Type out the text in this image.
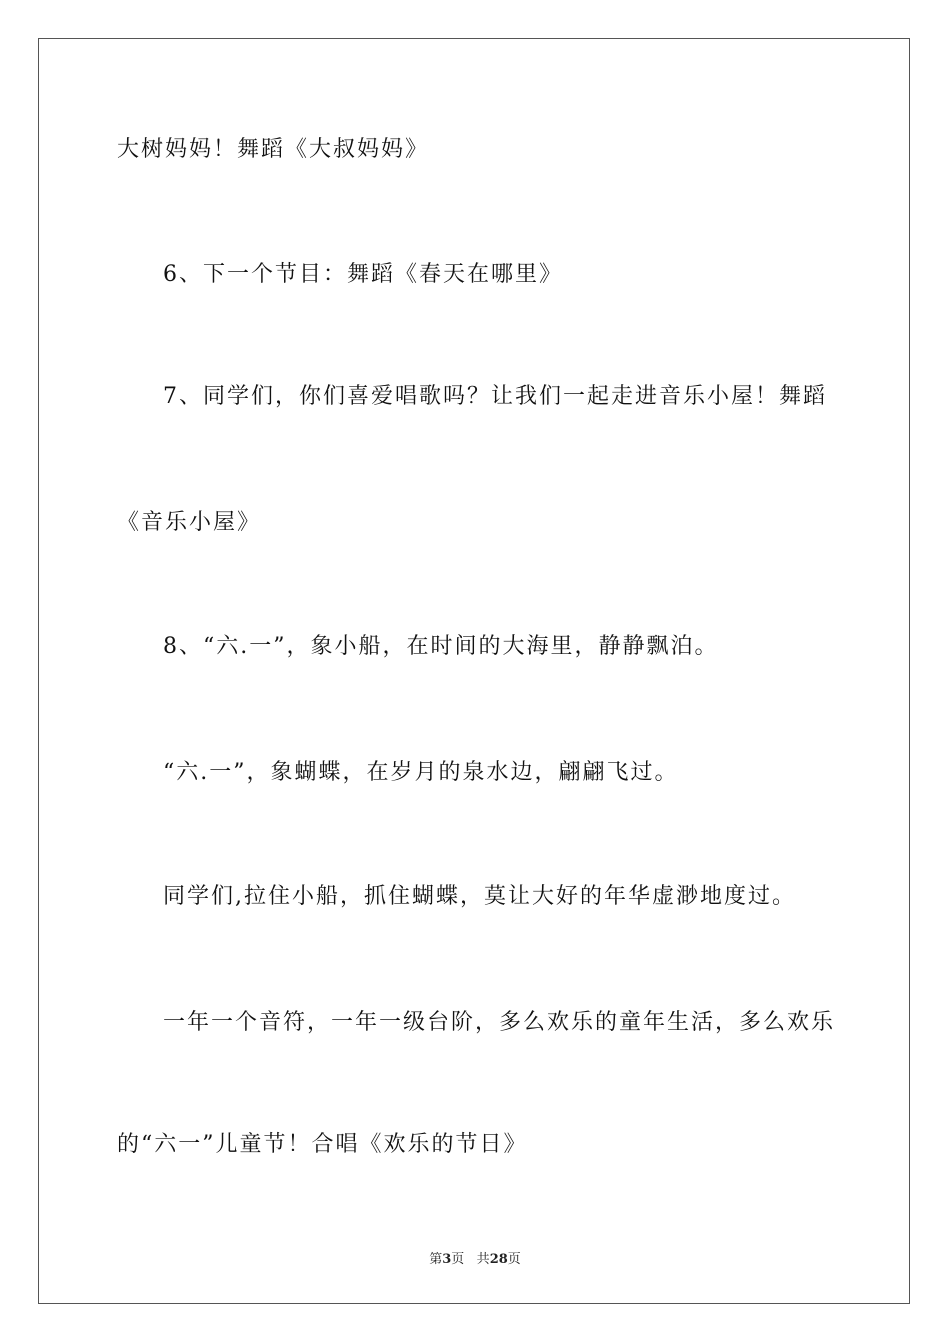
大树妈妈！舞蹈《大叔妈妈》
6、下一个节目：舞蹈《春天在哪里》
7、同学们，你们喜爱唱歌吗？让我们一起走进音乐小屋！舞蹈
《音乐小屋》
8、“六.一”，象小船，在时间的大海里，静静飘泊。
“六.一”，象蝴蝶，在岁月的泉水边，翩翩飞过。
同学们,拉住小船，抓住蝴蝶，莫让大好的年华虚渺地度过。
一年一个音符，一年一级台阶，多么欢乐的童年生活，多么欢乐
的“六一”儿童节！合唱《欢乐的节日》
第3页 共28页
